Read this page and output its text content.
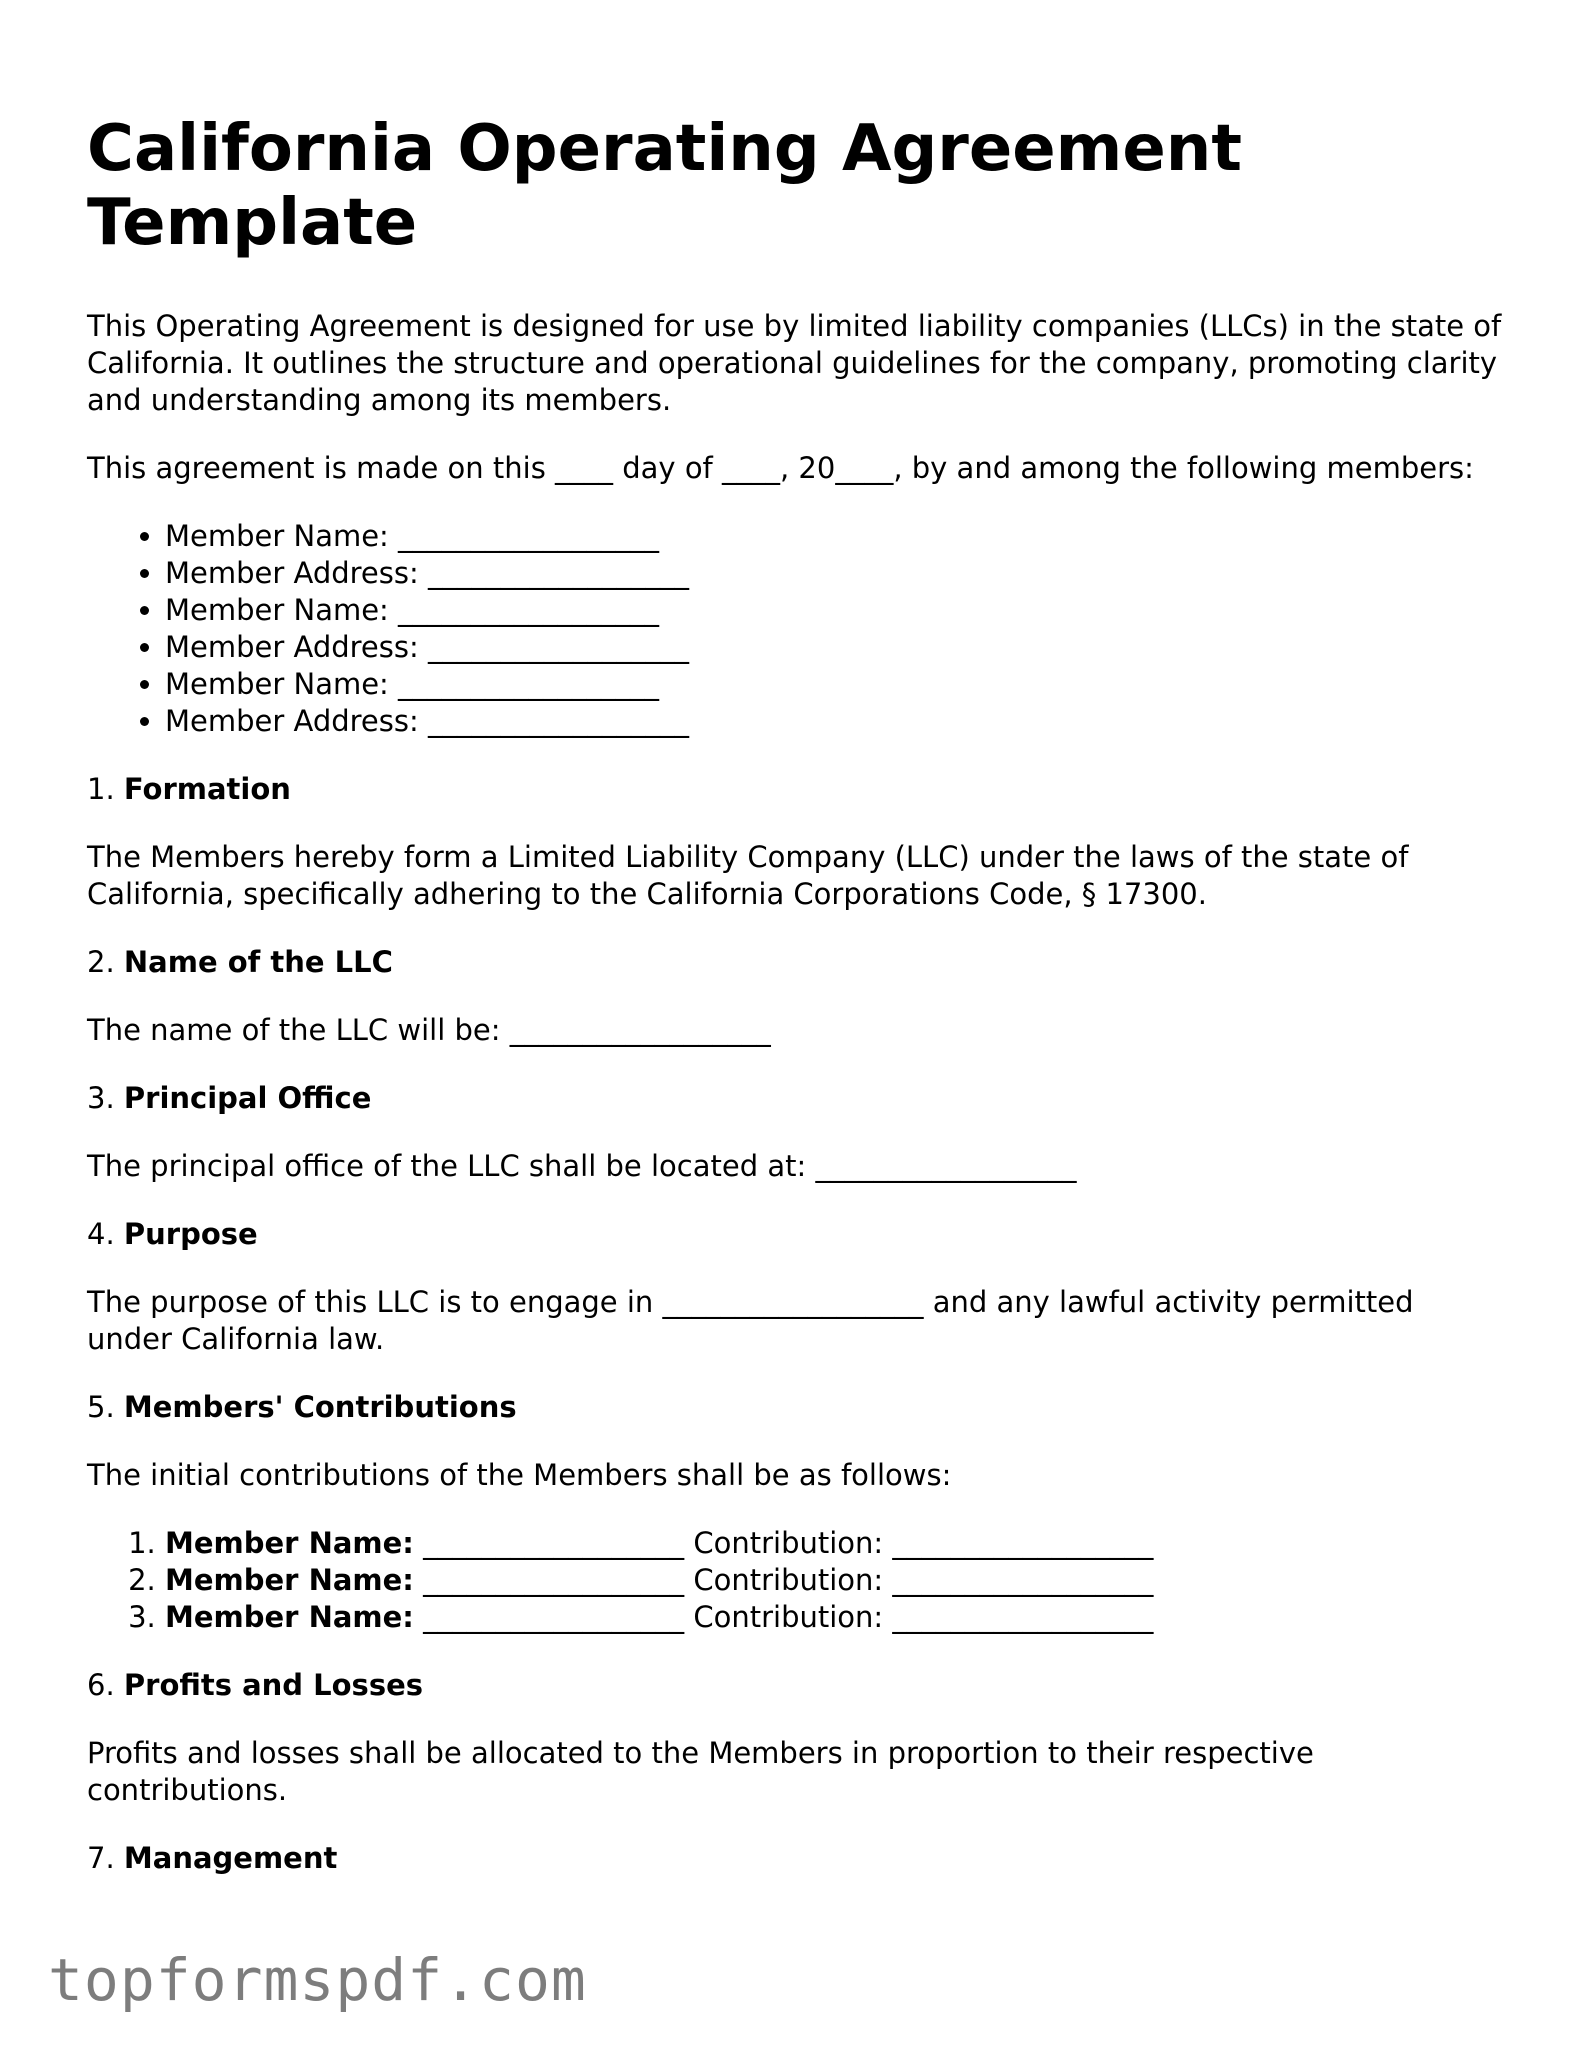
California Operating Agreement Template

This Operating Agreement is designed for use by limited liability companies (LLCs) in the state of California. It outlines the structure and operational guidelines for the company, promoting clarity and understanding among its members.

This agreement is made on this ____ day of ____, 20____, by and among the following members:

• Member Name: __________________
• Member Address: __________________
• Member Name: __________________
• Member Address: __________________
• Member Name: __________________
• Member Address: __________________
1. Formation

The Members hereby form a Limited Liability Company (LLC) under the laws of the state of California, specifically adhering to the California Corporations Code, § 17300.

2. Name of the LLC

The name of the LLC will be: __________________

3. Principal Office

The principal office of the LLC shall be located at: __________________

4. Purpose

The purpose of this LLC is to engage in __________________ and any lawful activity permitted under California law.

5. Members' Contributions

The initial contributions of the Members shall be as follows:

1. Member Name: __________________ Contribution: __________________
2. Member Name: __________________ Contribution: __________________
3. Member Name: __________________ Contribution: __________________
6. Profits and Losses

Profits and losses shall be allocated to the Members in proportion to their respective contributions.

7. Management
topformspdf.com
